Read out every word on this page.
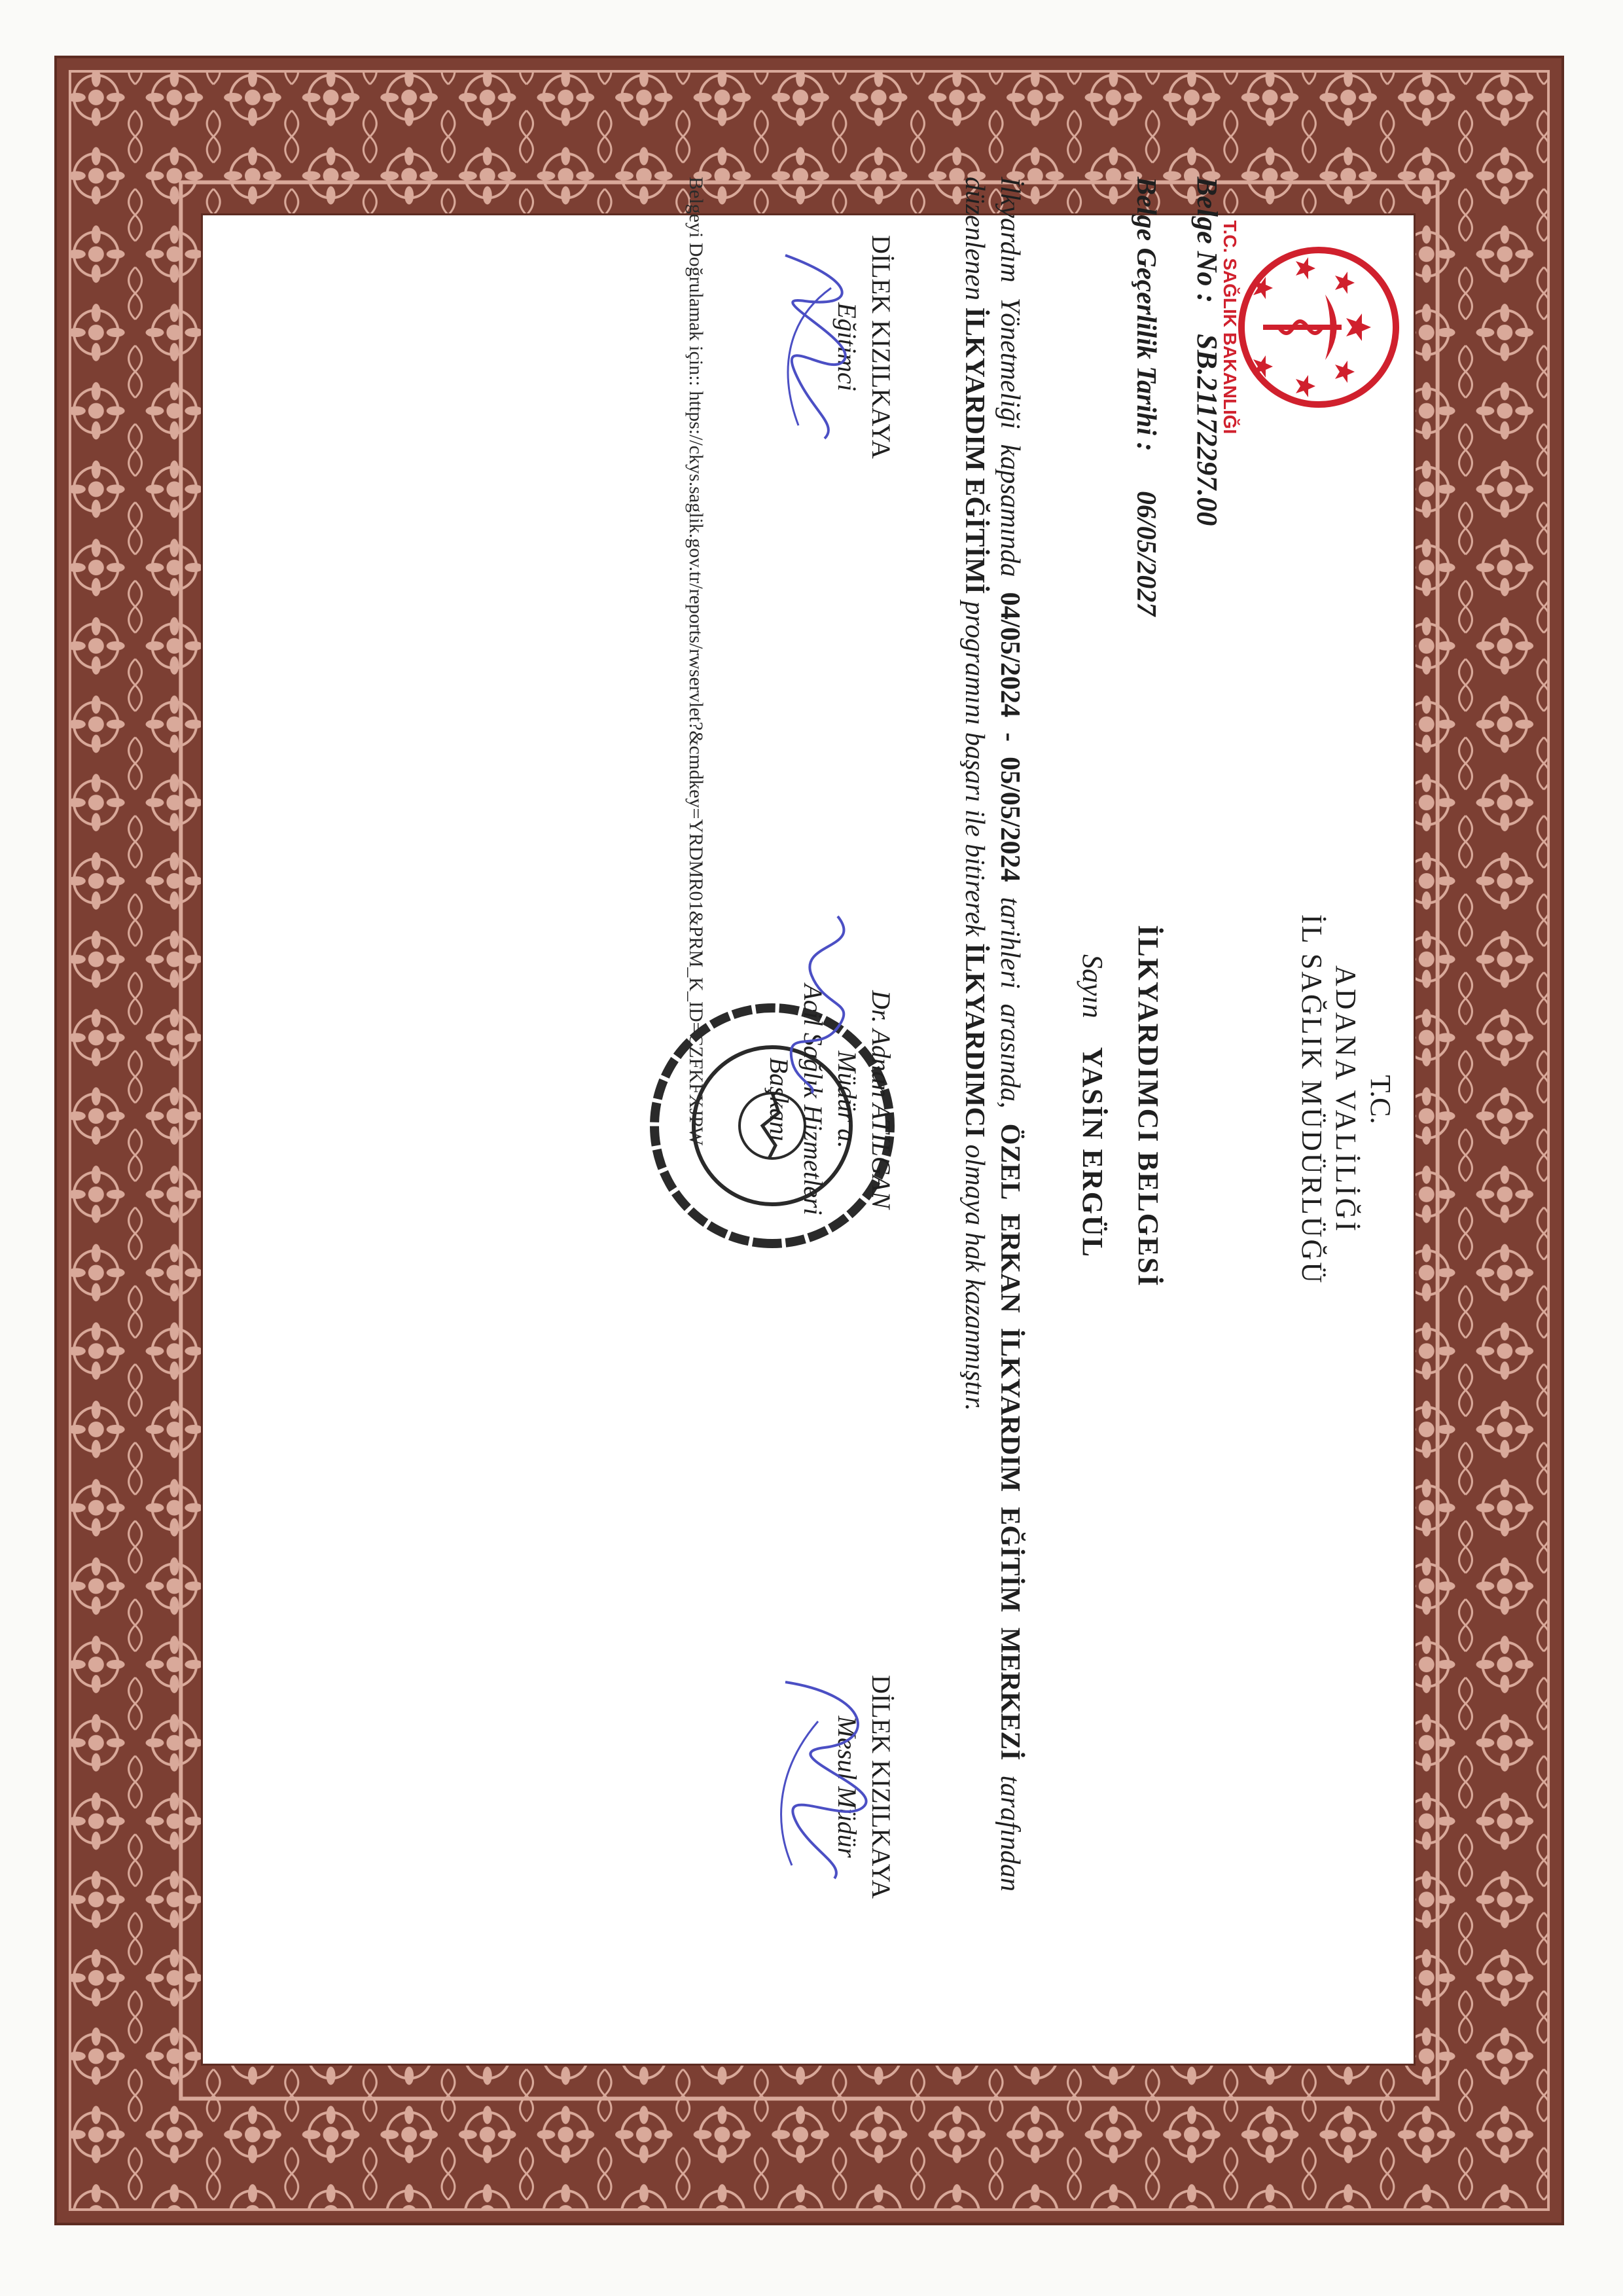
T.C. SAĞLIK BAKANLIĞI
T.C.
ADANA VALİLİĞİ
İL SAĞLIK MÜDÜRLÜĞÜ
Belge No :
SB.21172297.00
Belge Geçerlilik Tarihi :
06/05/2027
İLKYARDIMCI BELGESİ
Sayın    YASİN ERGÜL
İlkyardım Yönetmeliği kapsamında 04/05/2024 - 05/05/2024 tarihleri arasında, ÖZEL ERKAN İLKYARDIM EĞİTİM MERKEZİ tarafından düzenlenen İLKYARDIM EĞİTİMİ programını başarı ile bitirerek İLKYARDIMCI olmaya hak kazanmıştır.
DİLEK KIZILKAYA
Eğitimci
Dr. Adnan ATILGAN
Müdür a.
Acil Sağlık Hizmetleri
Başkanı
DİLEK KIZILKAYA
Mesul Müdür
Belgeyi Doğrulamak için:: https://ckys.saglik.gov.tr/reports/rwservlet?&cmdkey=YRDMR01&PRM_K_ID=CZFKFXJPW
